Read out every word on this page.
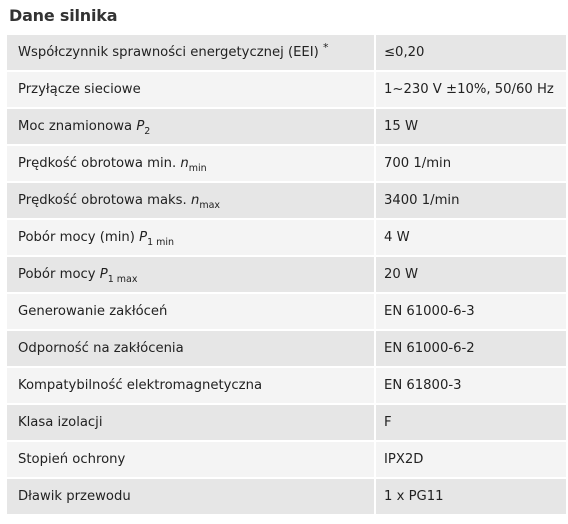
Dane silnika
Współczynnik sprawności energetycznej (EEI) *	≤0,20
Przyłącze sieciowe	1~230 V ±10%, 50/60 Hz
Moc znamionowa $P_2$	15 W
Prędkość obrotowa min. $n_{min}$	700 1/min
Prędkość obrotowa maks. $n_{max}$	3400 1/min
Pobór mocy (min) $P_{1 min}$	4 W
Pobór mocy $P_{1 max}$	20 W
Generowanie zakłóceń	EN 61000-6-3
Odporność na zakłócenia	EN 61000-6-2
Kompatybilność elektromagnetyczna	EN 61800-3
Klasa izolacji	F
Stopień ochrony	IPX2D
Dławik przewodu	1 x PG11
